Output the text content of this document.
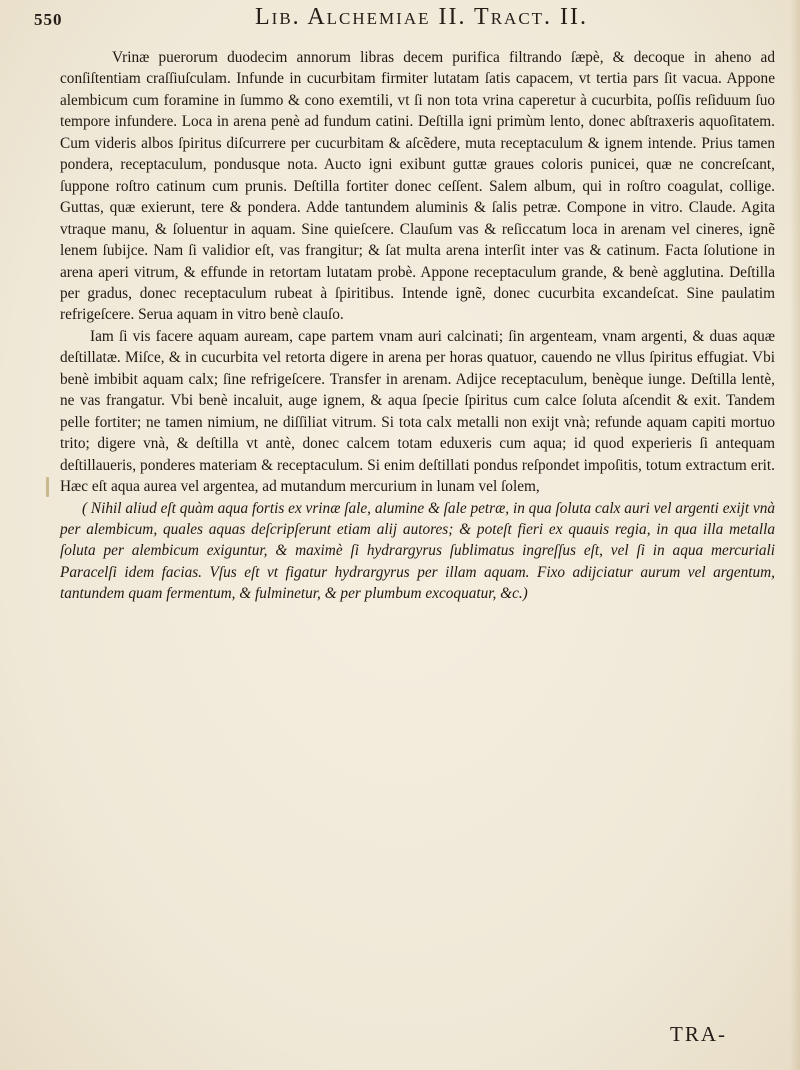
550	Lib. Alchemiae II. Tract. II.

Vrinæ puerorum duodecim annorum libras decem purifica filtrando ſæpè, & decoque in aheno ad conſiſtentiam craſſiuſculam. Infunde in cucurbitam firmiter lutatam ſatis capacem, vt tertia pars ſit vacua. Appone alembicum cum foramine in ſummo & cono exemtili, vt ſi non tota vrina caperetur à cucurbita, poſſis reſiduum ſuo tempore infundere. Loca in arena penè ad fundum catini. Deſtilla igni primùm lento, donec abſtraxeris aquoſitatem. Cum videris albos ſpiritus diſcurrere per cucurbitam & aſcẽdere, muta receptaculum & ignem intende. Prius tamen pondera, receptaculum, pondusque nota. Aucto igni exibunt guttæ graues coloris punicei, quæ ne concreſcant, ſuppone roſtro catinum cum prunis. Deſtilla fortiter donec ceſſent. Salem album, qui in roſtro coagulat, collige. Guttas, quæ exierunt, tere & pondera. Adde tantundem aluminis & ſalis petræ. Compone in vitro. Claude. Agita vtraque manu, & ſoluentur in aquam. Sine quieſcere. Clauſum vas & reſiccatum loca in arenam vel cineres, ignẽ lenem ſubijce. Nam ſi validior eſt, vas frangitur; & ſat multa arena interſit inter vas & catinum. Facta ſolutione in arena aperi vitrum, & effunde in retortam lutatam probè. Appone receptaculum grande, & benè agglutina. Deſtilla per gradus, donec receptaculum rubeat à ſpiritibus. Intende ignẽ, donec cucurbita excandeſcat. Sine paulatim refrigeſcere. Serua aquam in vitro benè clauſo.

Iam ſi vis facere aquam auream, cape partem vnam auri calcinati; ſin argenteam, vnam argenti, & duas aquæ deſtillatæ. Miſce, & in cucurbita vel retorta digere in arena per horas quatuor, cauendo ne vllus ſpiritus effugiat. Vbi benè imbibit aquam calx; ſine refrigeſcere. Transfer in arenam. Adijce receptaculum, benèque iunge. Deſtilla lentè, ne vas frangatur. Vbi benè incaluit, auge ignem, & aqua ſpecie ſpiritus cum calce ſoluta aſcendit & exit. Tandem pelle fortiter; ne tamen nimium, ne diſſiliat vitrum. Si tota calx metalli non exijt vnà; refunde aquam capiti mortuo trito; digere vnà, & deſtilla vt antè, donec calcem totam eduxeris cum aqua; id quod experieris ſi antequam deſtillaueris, ponderes materiam & receptaculum. Si enim deſtillati pondus reſpondet impoſitis, totum extractum erit. Hæc eſt aqua aurea vel argentea, ad mutandum mercurium in lunam vel ſolem,

( Nihil aliud eſt quàm aqua fortis ex vrinæ ſale, alumine & ſale petræ, in qua ſoluta calx auri vel argenti exijt vnà per alembicum, quales aquas deſcripſerunt etiam alij autores; & poteſt fieri ex quauis regia, in qua illa metalla ſoluta per alembicum exiguntur, & maximè ſi hydrargyrus ſublimatus ingreſſus eſt, vel ſi in aqua mercuriali Paracelſi idem facias. Vſus eſt vt figatur hydrargyrus per illam aquam. Fixo adijciatur aurum vel argentum, tantundem quam fermentum, & fulminetur, & per plumbum excoquatur, &c.)

TRA-
